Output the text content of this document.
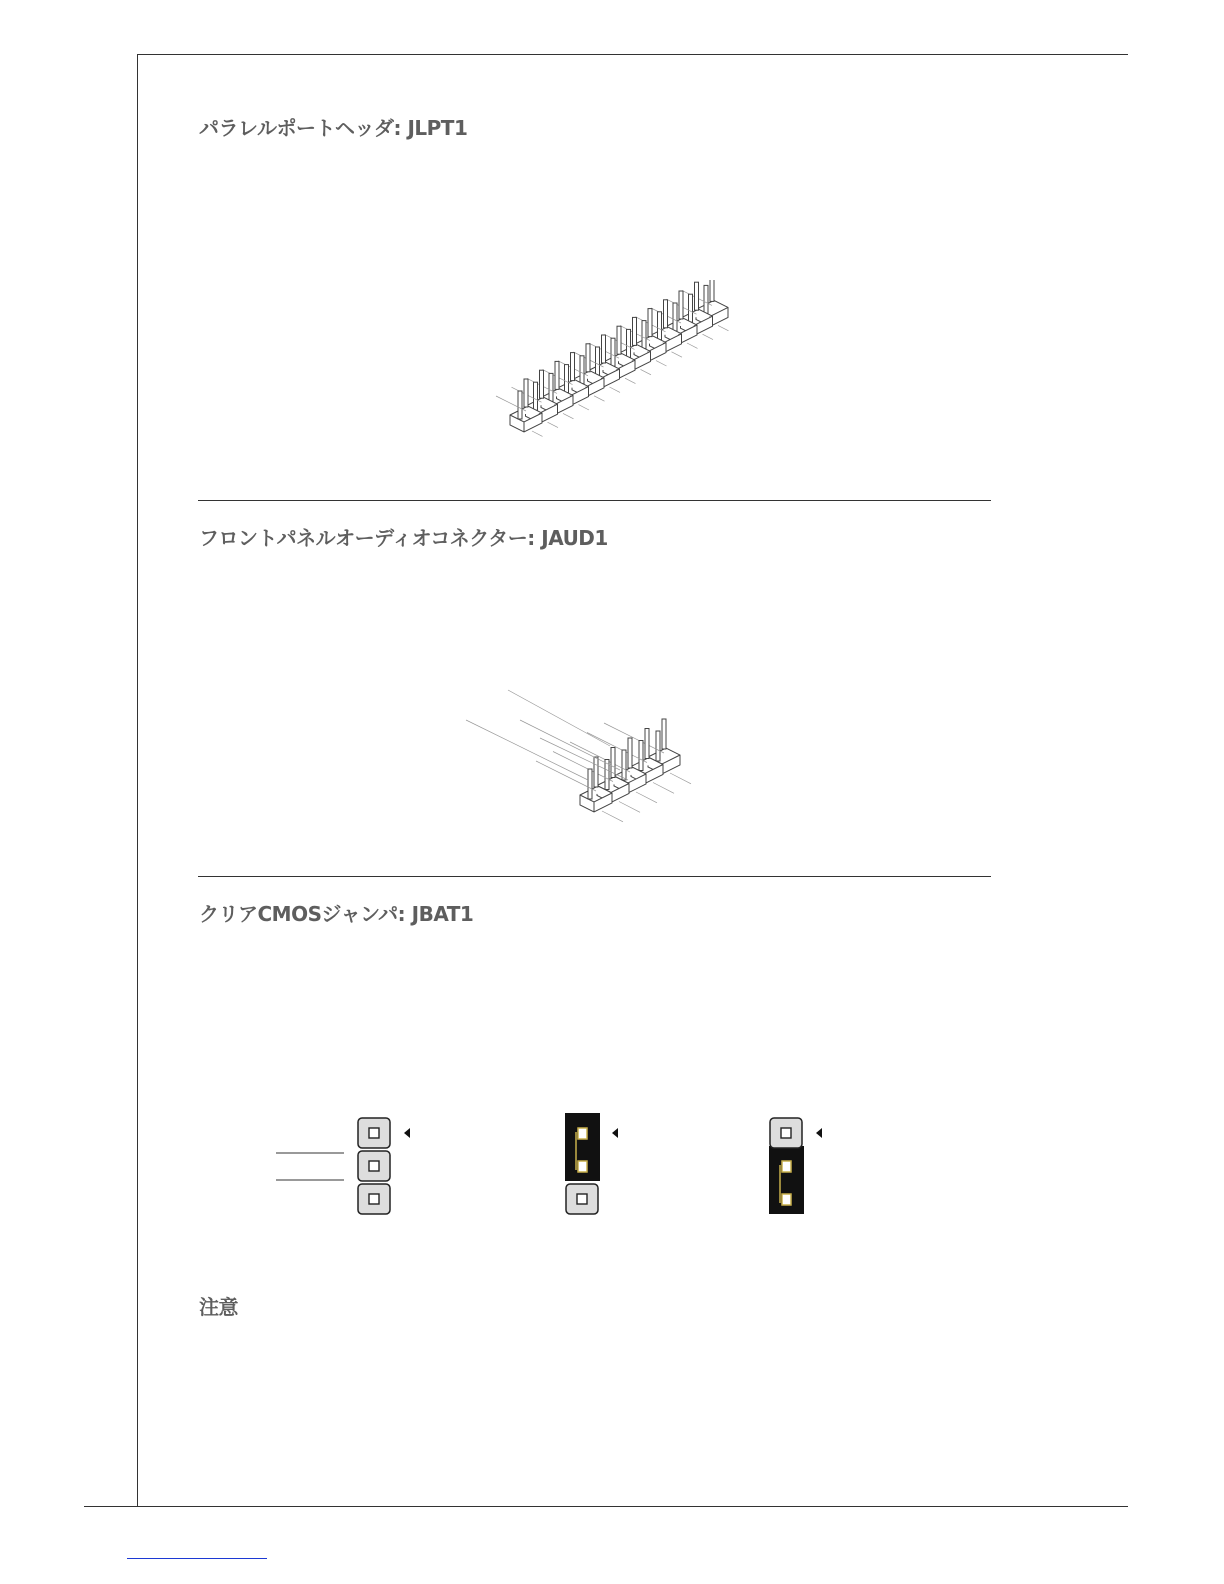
パラレルポートヘッダ: JLPT1
フロントパネルオーディオコネクター: JAUD1
クリアCMOSジャンパ: JBAT1
注意
